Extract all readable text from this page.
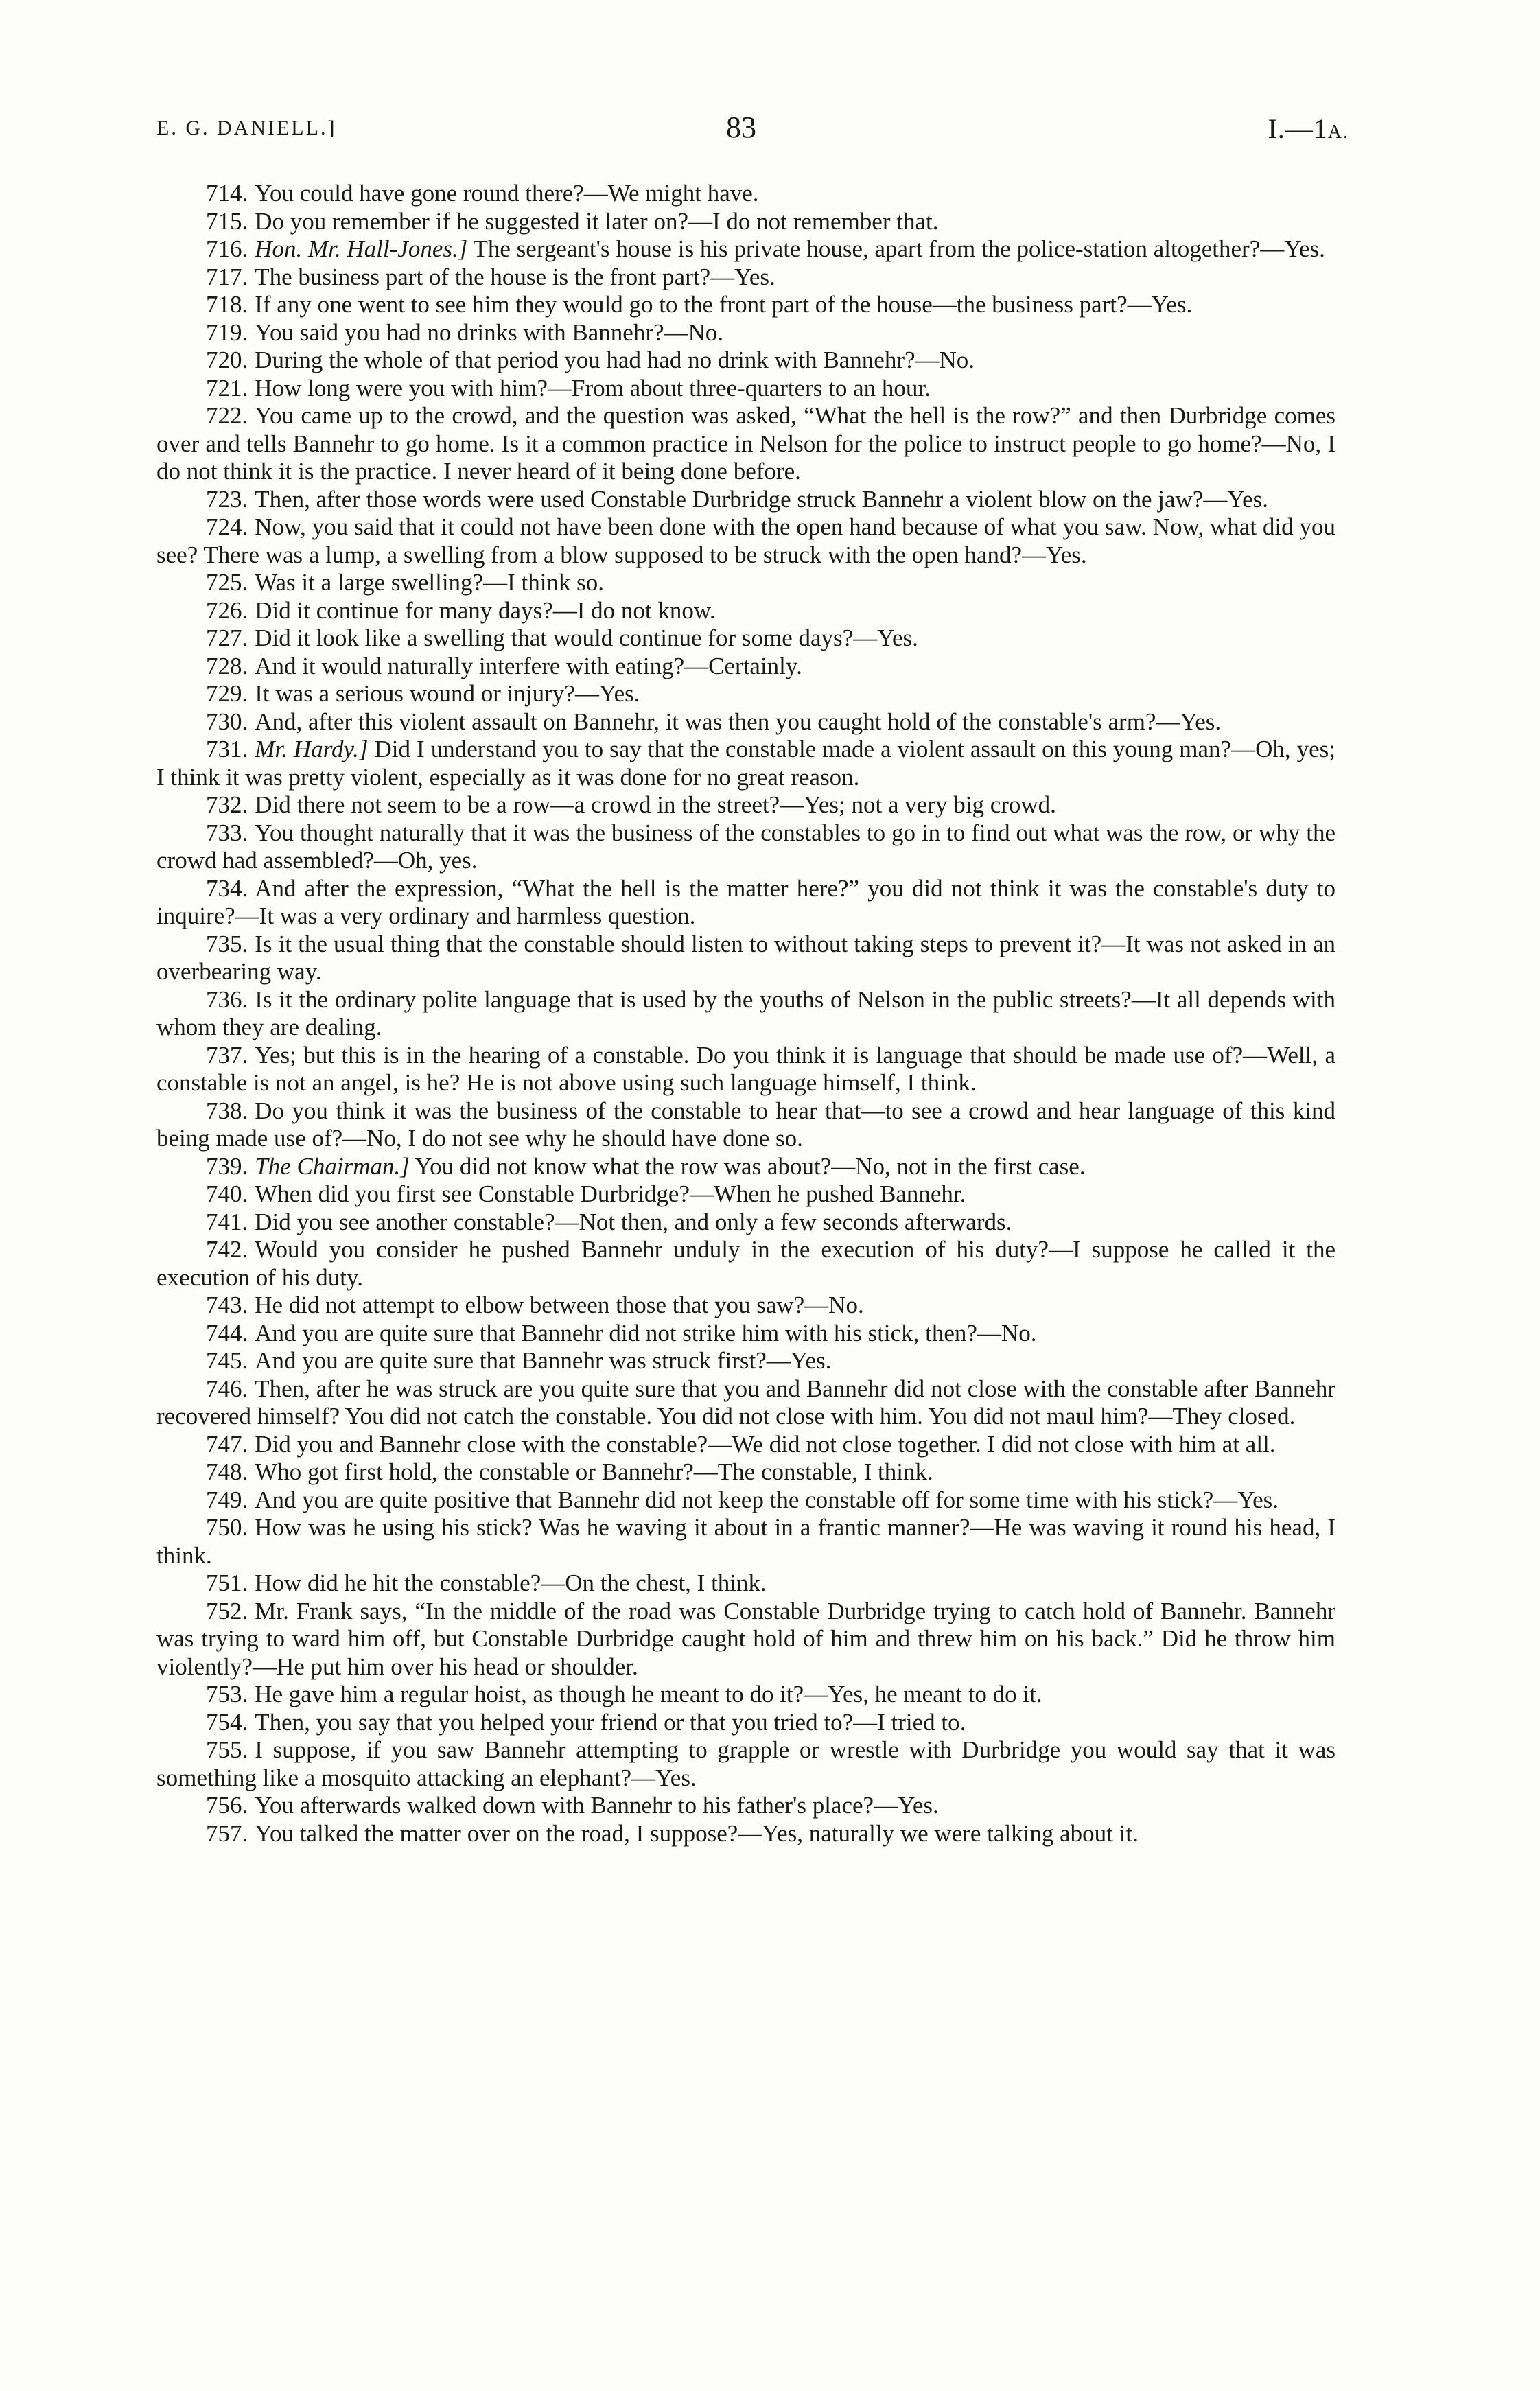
E. G. DANIELL.]	83	I.—1A.

714. You could have gone round there?—We might have.

715. Do you remember if he suggested it later on?—I do not remember that.

716. Hon. Mr. Hall-Jones.] The sergeant's house is his private house, apart from the police-station altogether?—Yes.

717. The business part of the house is the front part?—Yes.

718. If any one went to see him they would go to the front part of the house—the business part?—Yes.

719. You said you had no drinks with Bannehr?—No.

720. During the whole of that period you had had no drink with Bannehr?—No.

721. How long were you with him?—From about three-quarters to an hour.

722. You came up to the crowd, and the question was asked, “What the hell is the row?” and then Durbridge comes over and tells Bannehr to go home. Is it a common practice in Nelson for the police to instruct people to go home?—No, I do not think it is the practice. I never heard of it being done before.

723. Then, after those words were used Constable Durbridge struck Bannehr a violent blow on the jaw?—Yes.

724. Now, you said that it could not have been done with the open hand because of what you saw. Now, what did you see? There was a lump, a swelling from a blow supposed to be struck with the open hand?—Yes.

725. Was it a large swelling?—I think so.

726. Did it continue for many days?—I do not know.

727. Did it look like a swelling that would continue for some days?—Yes.

728. And it would naturally interfere with eating?—Certainly.

729. It was a serious wound or injury?—Yes.

730. And, after this violent assault on Bannehr, it was then you caught hold of the constable's arm?—Yes.

731. Mr. Hardy.] Did I understand you to say that the constable made a violent assault on this young man?—Oh, yes; I think it was pretty violent, especially as it was done for no great reason.

732. Did there not seem to be a row—a crowd in the street?—Yes; not a very big crowd.

733. You thought naturally that it was the business of the constables to go in to find out what was the row, or why the crowd had assembled?—Oh, yes.

734. And after the expression, “What the hell is the matter here?” you did not think it was the constable's duty to inquire?—It was a very ordinary and harmless question.

735. Is it the usual thing that the constable should listen to without taking steps to prevent it?—It was not asked in an overbearing way.

736. Is it the ordinary polite language that is used by the youths of Nelson in the public streets?—It all depends with whom they are dealing.

737. Yes; but this is in the hearing of a constable. Do you think it is language that should be made use of?—Well, a constable is not an angel, is he? He is not above using such language himself, I think.

738. Do you think it was the business of the constable to hear that—to see a crowd and hear language of this kind being made use of?—No, I do not see why he should have done so.

739. The Chairman.] You did not know what the row was about?—No, not in the first case.

740. When did you first see Constable Durbridge?—When he pushed Bannehr.

741. Did you see another constable?—Not then, and only a few seconds afterwards.

742. Would you consider he pushed Bannehr unduly in the execution of his duty?—I suppose he called it the execution of his duty.

743. He did not attempt to elbow between those that you saw?—No.

744. And you are quite sure that Bannehr did not strike him with his stick, then?—No.

745. And you are quite sure that Bannehr was struck first?—Yes.

746. Then, after he was struck are you quite sure that you and Bannehr did not close with the constable after Bannehr recovered himself? You did not catch the constable. You did not close with him. You did not maul him?—They closed.

747. Did you and Bannehr close with the constable?—We did not close together. I did not close with him at all.

748. Who got first hold, the constable or Bannehr?—The constable, I think.

749. And you are quite positive that Bannehr did not keep the constable off for some time with his stick?—Yes.

750. How was he using his stick? Was he waving it about in a frantic manner?—He was waving it round his head, I think.

751. How did he hit the constable?—On the chest, I think.

752. Mr. Frank says, “In the middle of the road was Constable Durbridge trying to catch hold of Bannehr. Bannehr was trying to ward him off, but Constable Durbridge caught hold of him and threw him on his back.” Did he throw him violently?—He put him over his head or shoulder.

753. He gave him a regular hoist, as though he meant to do it?—Yes, he meant to do it.

754. Then, you say that you helped your friend or that you tried to?—I tried to.

755. I suppose, if you saw Bannehr attempting to grapple or wrestle with Durbridge you would say that it was something like a mosquito attacking an elephant?—Yes.

756. You afterwards walked down with Bannehr to his father's place?—Yes.

757. You talked the matter over on the road, I suppose?—Yes, naturally we were talking about it.
